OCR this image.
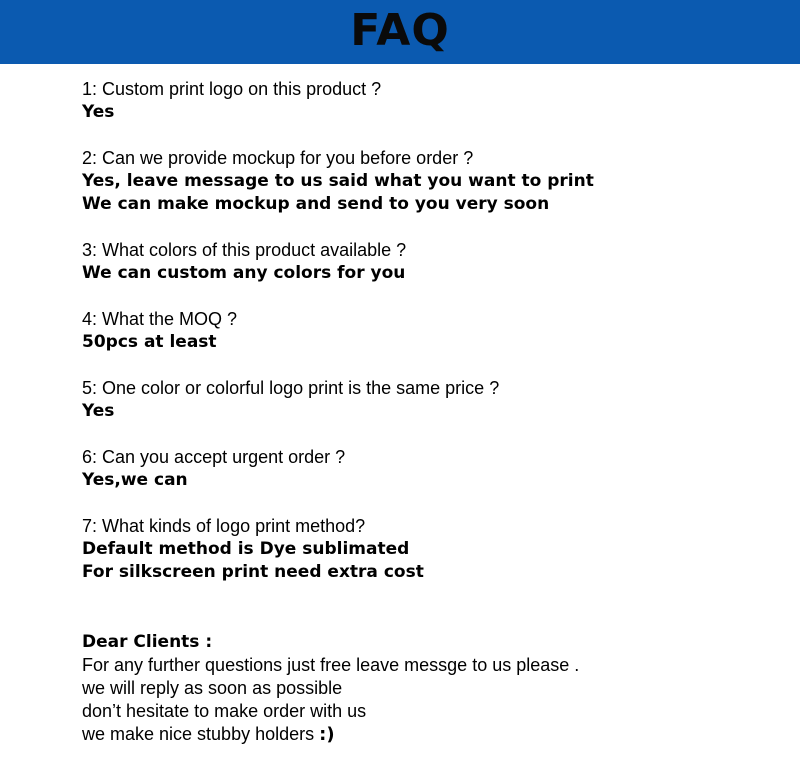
FAQ
1: Custom print logo on this product ?
Yes
2: Can we provide mockup for you before order ?
Yes, leave message to us said what you want to print
We can make mockup and send to you very soon
3: What colors of this product available ?
We can custom any colors for you
4: What the MOQ ?
50pcs at least
5: One color or colorful logo print is the same price ?
Yes
6: Can you accept urgent order ?
Yes,we can
7: What kinds of logo print method?
Default method is Dye sublimated
For silkscreen print need extra cost
Dear Clients :
For any further questions just free leave messge to us please .
we will reply as soon as possible
don’t hesitate to make order with us
we make nice stubby holders :)
